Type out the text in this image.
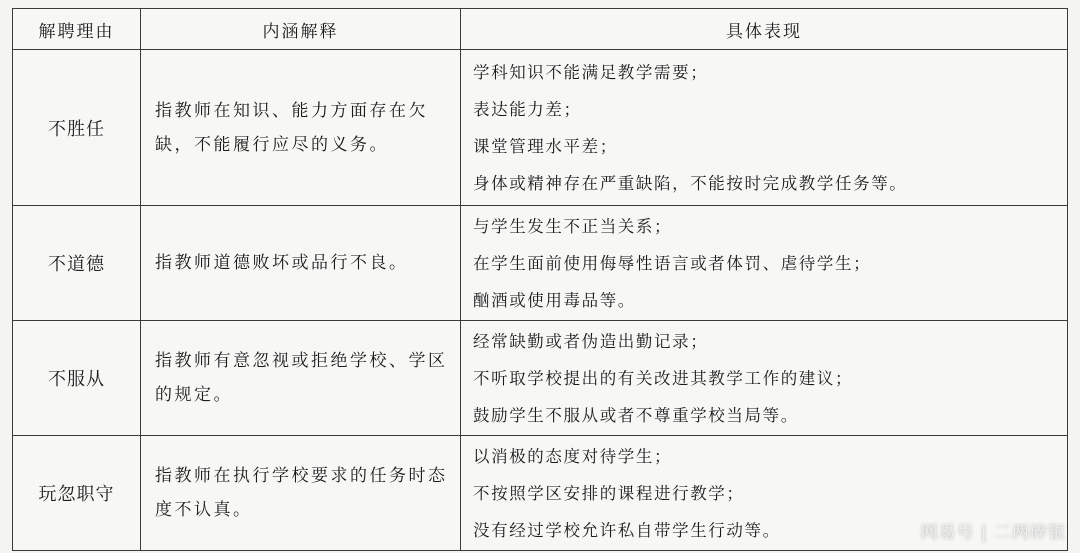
解聘理由	内涵解释	具体表现
不胜任	指教师在知识、能力方面存在欠缺，不能履行应尽的义务。	学科知识不能满足教学需要；
表达能力差；
课堂管理水平差；
身体或精神存在严重缺陷，不能按时完成教学任务等。

不道德	指教师道德败坏或品行不良。	与学生发生不正当关系；
在学生面前使用侮辱性语言或者体罚、虐待学生；
酗酒或使用毒品等。

不服从	指教师有意忽视或拒绝学校、学区的规定。	经常缺勤或者伪造出勤记录；
不听取学校提出的有关改进其教学工作的建议；
鼓励学生不服从或者不尊重学校当局等。

玩忽职守	指教师在执行学校要求的任务时态度不认真。	以消极的态度对待学生；
不按照学区安排的课程进行教学；
没有经过学校允许私自带学生行动等。	网易号 | 二两碎银
